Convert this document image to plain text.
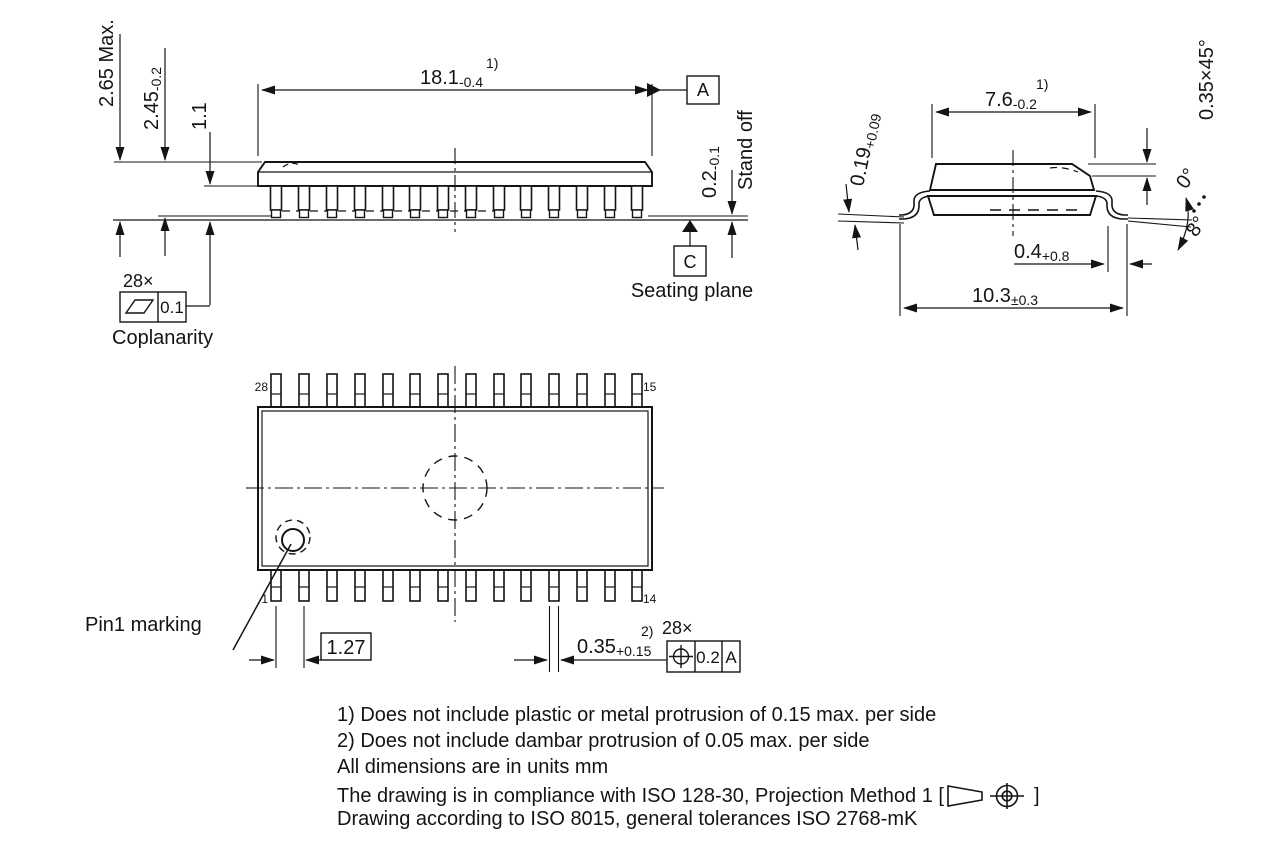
2.65 Max.
2.45-0.2
1.1
18.1-0.4
1)
A
C
0.2-0.1 Stand off
Seating plane
28×
0.1
Coplanarity
7.6-0.2
1)	0.35×45°
0.19+0.09
0°
8°
0.4+0.8
10.3±0.3
28	15
1	14
Pin1 marking
1.27	0.35+0.15
2) 28×
0.2 A
1) Does not include plastic or metal protrusion of 0.15 max. per side
2) Does not include dambar protrusion of 0.05 max. per side
All dimensions are in units mm
The drawing is in compliance with ISO 128-30, Projection Method 1 [	]
Drawing according to ISO 8015, general tolerances ISO 2768-mK
